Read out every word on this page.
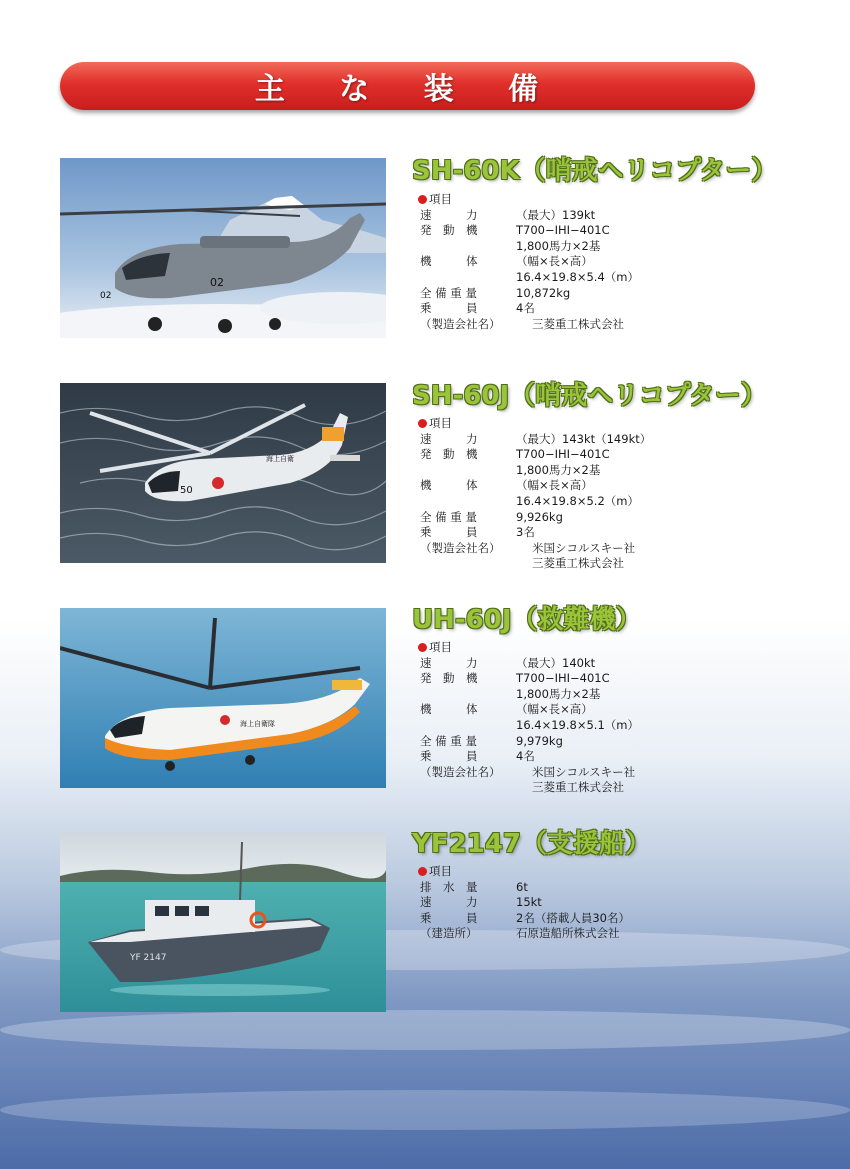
主 な 装 備
02
02
SH-60K（哨戒ヘリコプター）
項目
速　　　力	（最大）139kt
発　動　機	T700−IHI−401C
1,800馬力×2基
機　　　体	（幅×長×高）
16.4×19.8×5.4（m）
全 備 重 量	10,872kg
乗　　　員	4名
（製造会社名）	三菱重工株式会社
50
海上自衛
SH-60J（哨戒ヘリコプター）
項目
速　　　力	（最大）143kt（149kt）
発　動　機	T700−IHI−401C
1,800馬力×2基
機　　　体	（幅×長×高）
16.4×19.8×5.2（m）
全 備 重 量	9,926kg
乗　　　員	3名
（製造会社名）	米国シコルスキー社
三菱重工株式会社
海上自衛隊
UH-60J（救難機）
項目
速　　　力	（最大）140kt
発　動　機	T700−IHI−401C
1,800馬力×2基
機　　　体	（幅×長×高）
16.4×19.8×5.1（m）
全 備 重 量	9,979kg
乗　　　員	4名
（製造会社名）	米国シコルスキー社
三菱重工株式会社
YF 2147
YF2147（支援船）
項目
排　水　量	6t
速　　　力	15kt
乗　　　員	2名（搭載人員30名）
（建造所）	石原造船所株式会社
